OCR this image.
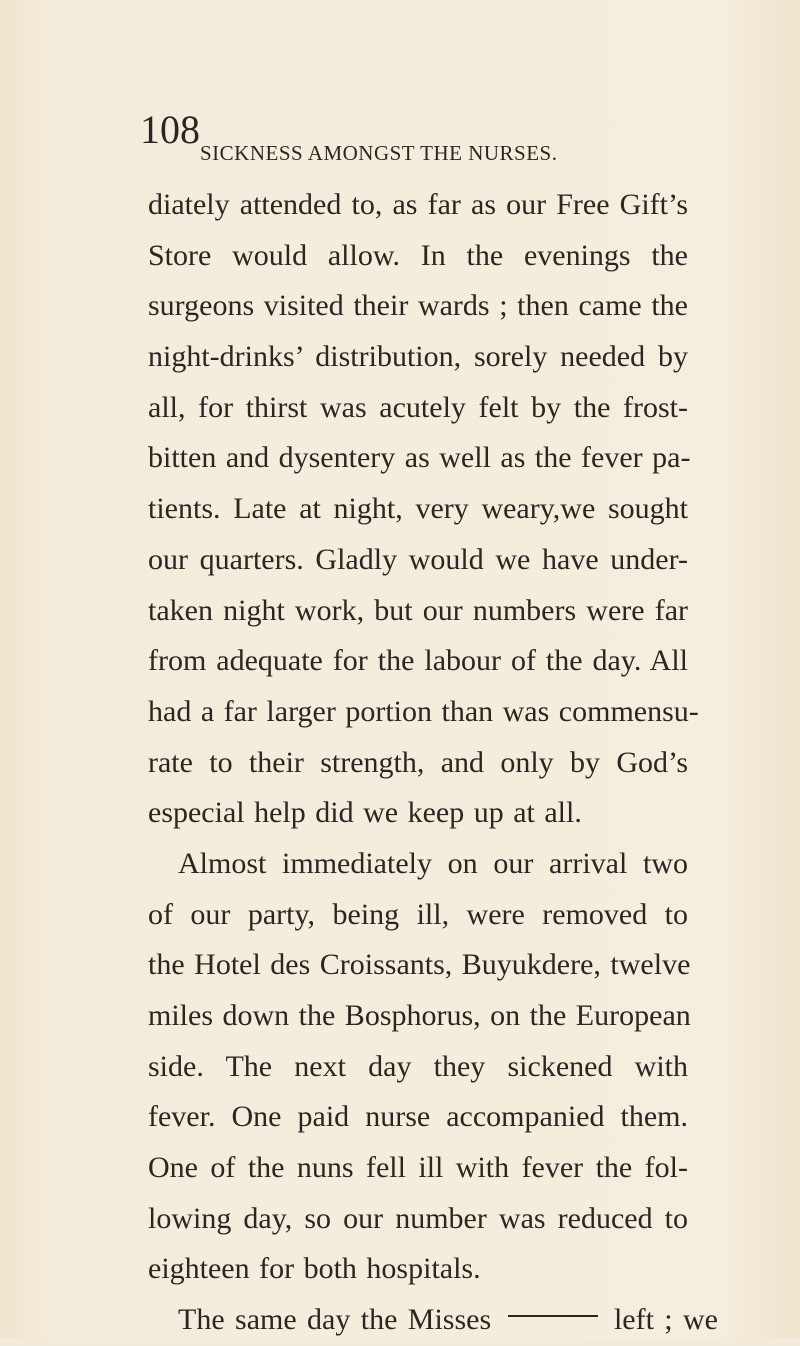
108
SICKNESS AMONGST THE NURSES.
diately attended to, as far as our Free Gift’s
Store would allow. In the evenings the
surgeons visited their wards ; then came the
night-drinks’ distribution, sorely needed by
all, for thirst was acutely felt by the frost-
bitten and dysentery as well as the fever pa-
tients. Late at night, very weary,we sought
our quarters. Gladly would we have under-
taken night work, but our numbers were far
from adequate for the labour of the day. All
had a far larger portion than was commensu-
rate to their strength, and only by God’s
especial help did we keep up at all.
Almost immediately on our arrival two
of our party, being ill, were removed to
the Hotel des Croissants, Buyukdere, twelve
miles down the Bosphorus, on the European
side. The next day they sickened with
fever. One paid nurse accompanied them.
One of the nuns fell ill with fever the fol-
lowing day, so our number was reduced to
eighteen for both hospitals.
The same day the Misses	left ; we
